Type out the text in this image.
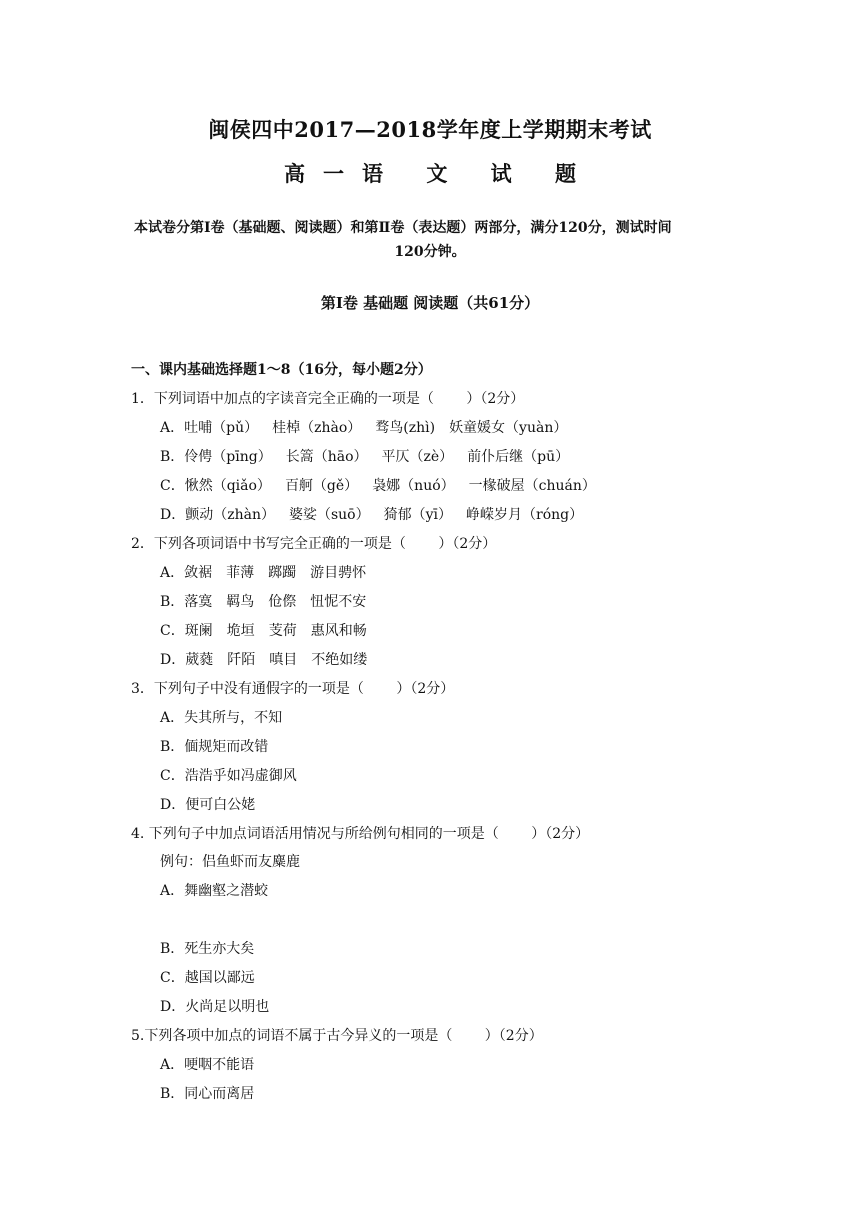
闽侯四中2017—2018学年度上学期期末考试
高一语 文 试 题
本试卷分第Ⅰ卷（基础题、阅读题）和第Ⅱ卷（表达题）两部分，满分120分，测试时间
120分钟。
第Ⅰ卷 基础题 阅读题（共61分）
一、课内基础选择题1～8（16分，每小题2分）
1．下列词语中加点的字读音完全正确的一项是（　　 ）（2分）
A．吐哺（pǔ） 桂棹（zhào） 骛鸟(zhì) 妖童媛女（yuàn）
B．伶俜（pīng） 长篙（hāo） 平仄（zè） 前仆后继（pū）
C．愀然（qiǎo） 百舸（gě） 袅娜（nuó） 一椽破屋（chuán）
D．颤动（zhàn） 婆娑（suō） 猗郁（yī） 峥嵘岁月（róng）
2．下列各项词语中书写完全正确的一项是（　　 ）（2分）
A．敛裾 菲薄 踯躅 游目骋怀
B．落寞 羁鸟 伧傺 忸怩不安
C．斑阑 垝垣 芰荷 惠风和畅
D．葳蕤 阡陌 嗔目 不绝如缕
3．下列句子中没有通假字的一项是（　　 ）（2分）
A．失其所与，不知
B．偭规矩而改错
C．浩浩乎如冯虚御风
D．便可白公姥
4. 下列句子中加点词语活用情况与所给例句相同的一项是（　　 ）（2分）
例句：侣鱼虾而友麋鹿
A．舞幽壑之潜蛟
B．死生亦大矣
C．越国以鄙远
D．火尚足以明也
5.下列各项中加点的词语不属于古今异义的一项是（　　 ）（2分）
A．哽咽不能语
B．同心而离居
